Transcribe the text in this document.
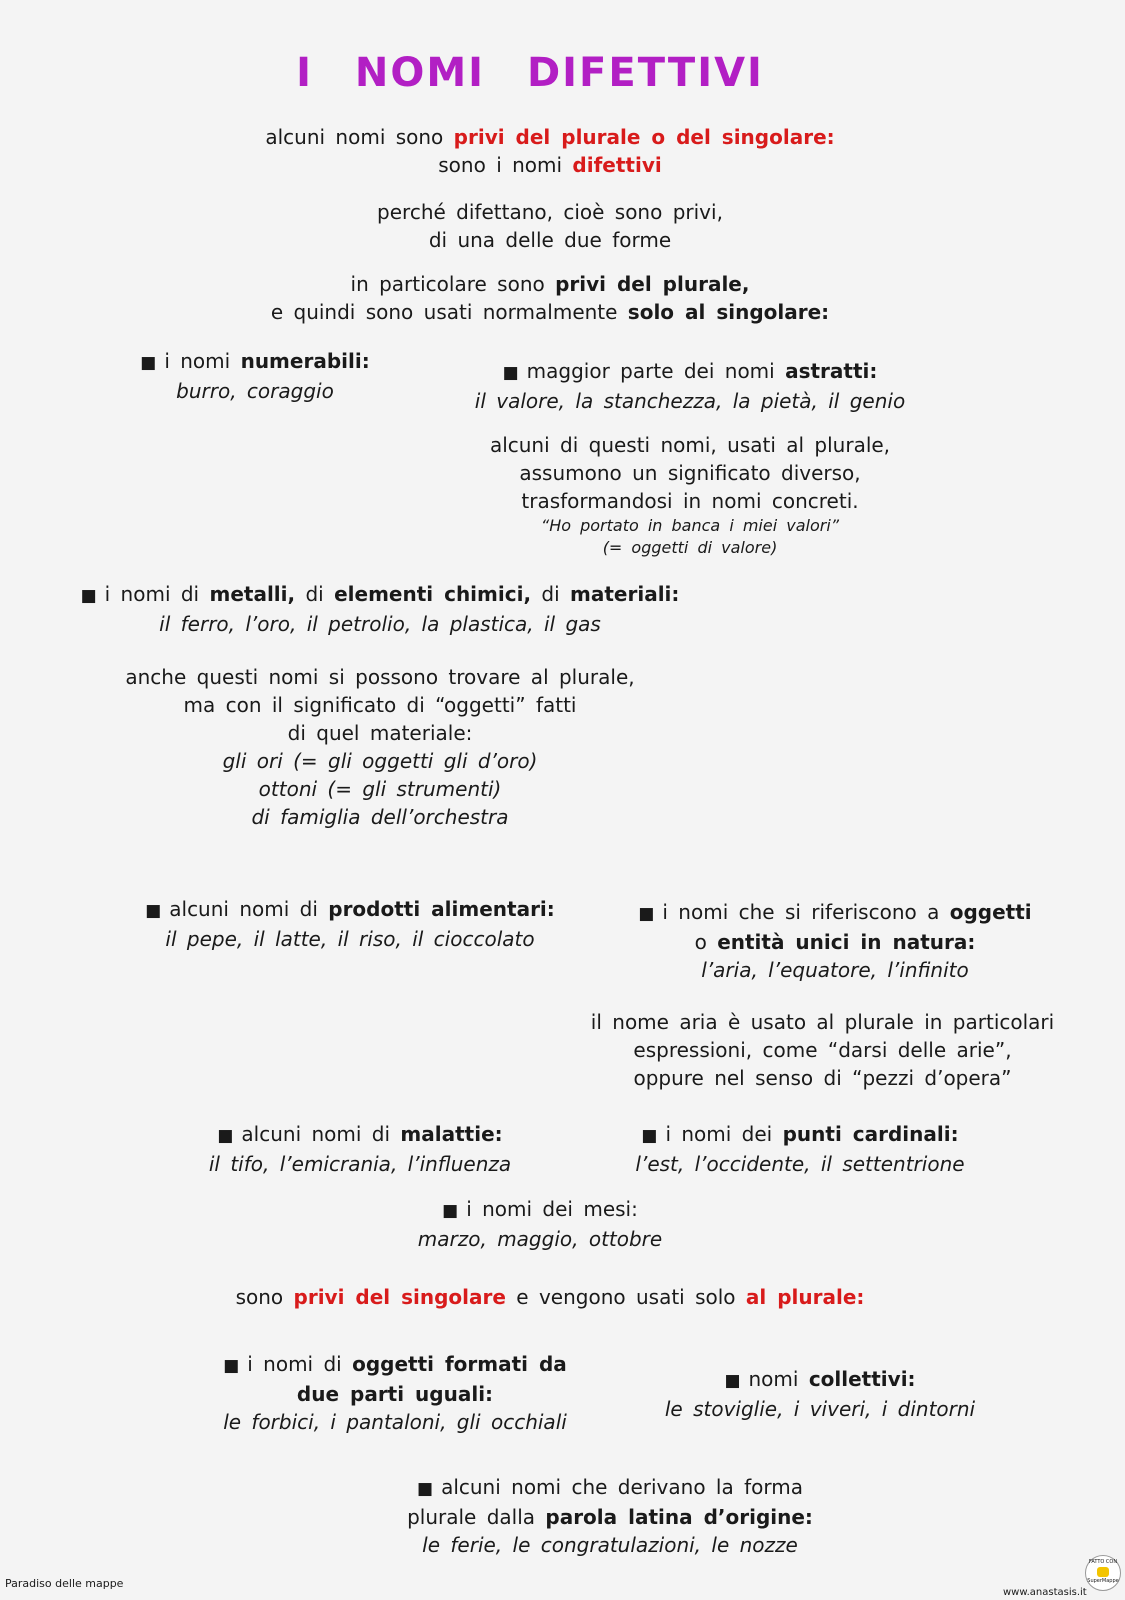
I NOMI DIFETTIVI
alcuni nomi sono privi del plurale o del singolare:
sono i nomi difettivi
perché difettano, cioè sono privi,
di una delle due forme
in particolare sono privi del plurale,
e quindi sono usati normalmente solo al singolare:
■ i nomi numerabili:
burro, coraggio
■ maggior parte dei nomi astratti:
il valore, la stanchezza, la pietà, il genio
alcuni di questi nomi, usati al plurale,
assumono un significato diverso,
trasformandosi in nomi concreti.
“Ho portato in banca i miei valori”
(= oggetti di valore)
■ i nomi di metalli, di elementi chimici, di materiali:
il ferro, l’oro, il petrolio, la plastica, il gas
anche questi nomi si possono trovare al plurale,
ma con il significato di “oggetti” fatti
di quel materiale:
gli ori (= gli oggetti gli d’oro)
ottoni (= gli strumenti)
di famiglia dell’orchestra
■ alcuni nomi di prodotti alimentari:
il pepe, il latte, il riso, il cioccolato
■ i nomi che si riferiscono a oggetti
o entità unici in natura:
l’aria, l’equatore, l’infinito
il nome aria è usato al plurale in particolari
espressioni, come “darsi delle arie”,
oppure nel senso di “pezzi d’opera”
■ alcuni nomi di malattie:
il tifo, l’emicrania, l’influenza
■ i nomi dei punti cardinali:
l’est, l’occidente, il settentrione
■ i nomi dei mesi:
marzo, maggio, ottobre
sono privi del singolare e vengono usati solo al plurale:
■ i nomi di oggetti formati da
due parti uguali:
le forbici, i pantaloni, gli occhiali
■ nomi collettivi:
le stoviglie, i viveri, i dintorni
■ alcuni nomi che derivano la forma
plurale dalla parola latina d’origine:
le ferie, le congratulazioni, le nozze
Paradiso delle mappe
www.anastasis.it
FATTO CON
SuperMappe
